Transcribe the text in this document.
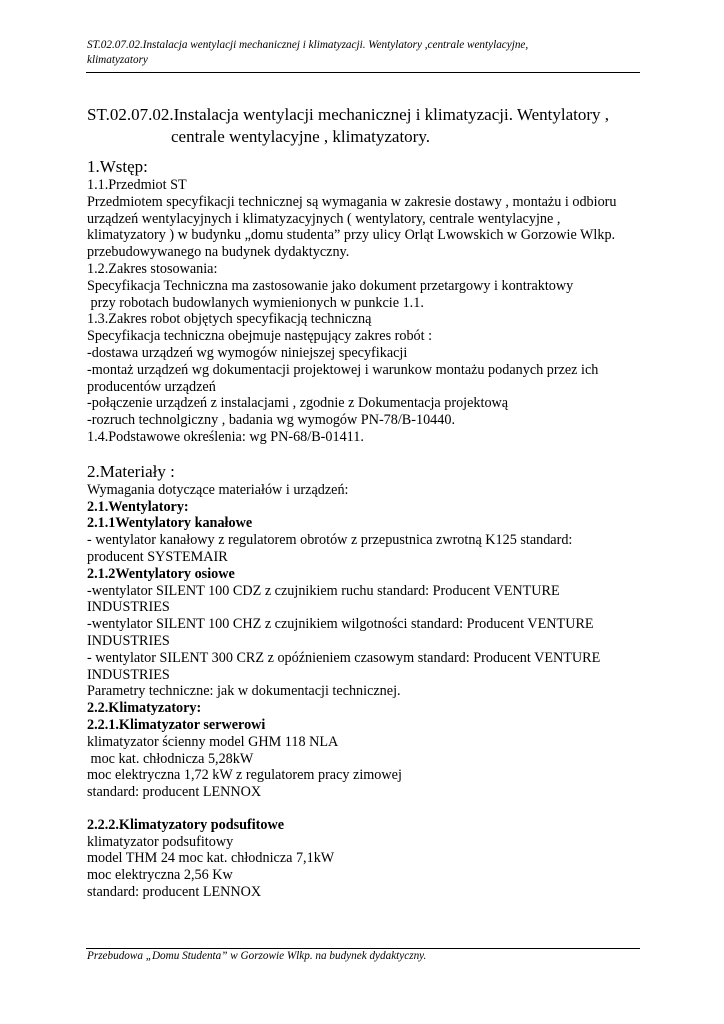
ST.02.07.02.Instalacja wentylacji mechanicznej i klimatyzacji. Wentylatory ,centrale wentylacyjne,
klimatyzatory
ST.02.07.02.Instalacja wentylacji mechanicznej i klimatyzacji. Wentylatory ,
centrale wentylacyjne , klimatyzatory.
1.Wstęp:
1.1.Przedmiot ST
Przedmiotem specyfikacji technicznej są wymagania w zakresie dostawy , montażu i odbioru
urządzeń wentylacyjnych i klimatyzacyjnych ( wentylatory, centrale wentylacyjne ,
klimatyzatory ) w budynku „domu studenta” przy ulicy Orląt Lwowskich w Gorzowie Wlkp.
przebudowywanego na budynek dydaktyczny.
1.2.Zakres stosowania:
Specyfikacja Techniczna ma zastosowanie jako dokument przetargowy i kontraktowy
przy robotach budowlanych wymienionych w punkcie 1.1.
1.3.Zakres robot objętych specyfikacją techniczną
Specyfikacja techniczna obejmuje następujący zakres robót :
-dostawa urządzeń wg wymogów niniejszej specyfikacji
-montaż urządzeń wg dokumentacji projektowej i warunkow montażu podanych przez ich
producentów urządzeń
-połączenie urządzeń z instalacjami , zgodnie z Dokumentacja projektową
-rozruch technolgiczny , badania wg wymogów PN-78/B-10440.
1.4.Podstawowe określenia: wg PN-68/B-01411.
2.Materiały :
Wymagania dotyczące materiałów i urządzeń:
2.1.Wentylatory:
2.1.1Wentylatory kanałowe
- wentylator kanałowy z regulatorem obrotów z przepustnica zwrotną K125 standard:
producent SYSTEMAIR
2.1.2Wentylatory osiowe
-wentylator SILENT 100 CDZ z czujnikiem ruchu standard: Producent VENTURE
INDUSTRIES
-wentylator SILENT 100 CHZ z czujnikiem wilgotności standard: Producent VENTURE
INDUSTRIES
- wentylator SILENT 300 CRZ z opóźnieniem czasowym standard: Producent VENTURE
INDUSTRIES
Parametry techniczne: jak w dokumentacji technicznej.
2.2.Klimatyzatory:
2.2.1.Klimatyzator serwerowi
klimatyzator ścienny model GHM 118 NLA
moc kat. chłodnicza 5,28kW
moc elektryczna 1,72 kW z regulatorem pracy zimowej
standard: producent LENNOX
2.2.2.Klimatyzatory podsufitowe
klimatyzator podsufitowy
model THM 24 moc kat. chłodnicza 7,1kW
moc elektryczna 2,56 Kw
standard: producent LENNOX
Przebudowa „Domu Studenta” w Gorzowie Wlkp. na budynek dydaktyczny.
